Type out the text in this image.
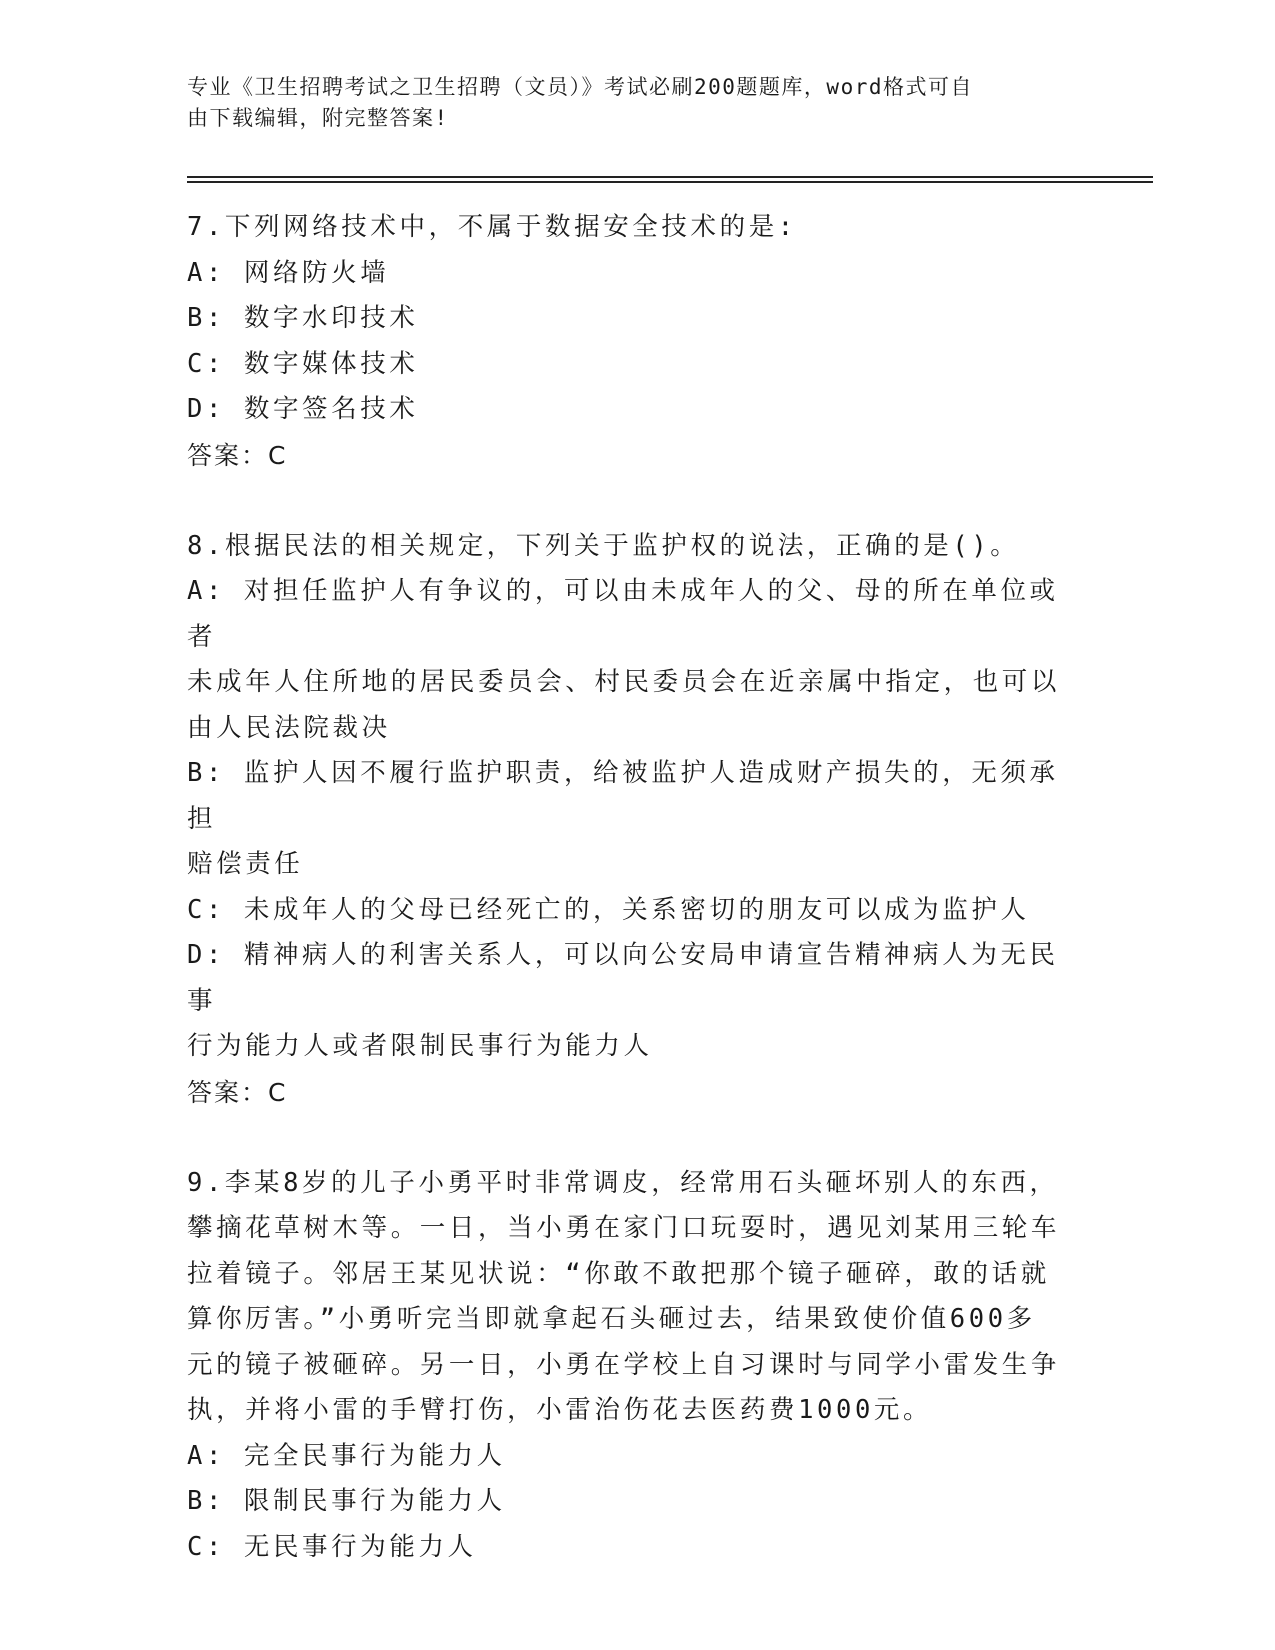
专业《卫生招聘考试之卫生招聘（文员）》考试必刷200题题库，word格式可自
由下载编辑，附完整答案!
7.下列网络技术中，不属于数据安全技术的是:
A: 网络防火墙
B: 数字水印技术
C: 数字媒体技术
D: 数字签名技术
答案：C
8.根据民法的相关规定，下列关于监护权的说法，正确的是()。
A: 对担任监护人有争议的，可以由未成年人的父、母的所在单位或者
未成年人住所地的居民委员会、村民委员会在近亲属中指定，也可以
由人民法院裁决
B: 监护人因不履行监护职责，给被监护人造成财产损失的，无须承担
赔偿责任
C: 未成年人的父母已经死亡的，关系密切的朋友可以成为监护人
D: 精神病人的利害关系人，可以向公安局申请宣告精神病人为无民事
行为能力人或者限制民事行为能力人
答案：C
9.李某8岁的儿子小勇平时非常调皮，经常用石头砸坏别人的东西，
攀摘花草树木等。一日，当小勇在家门口玩耍时，遇见刘某用三轮车
拉着镜子。邻居王某见状说：“你敢不敢把那个镜子砸碎，敢的话就
算你厉害。”小勇听完当即就拿起石头砸过去，结果致使价值600多
元的镜子被砸碎。另一日，小勇在学校上自习课时与同学小雷发生争
执，并将小雷的手臂打伤，小雷治伤花去医药费1000元。
A: 完全民事行为能力人
B: 限制民事行为能力人
C: 无民事行为能力人
